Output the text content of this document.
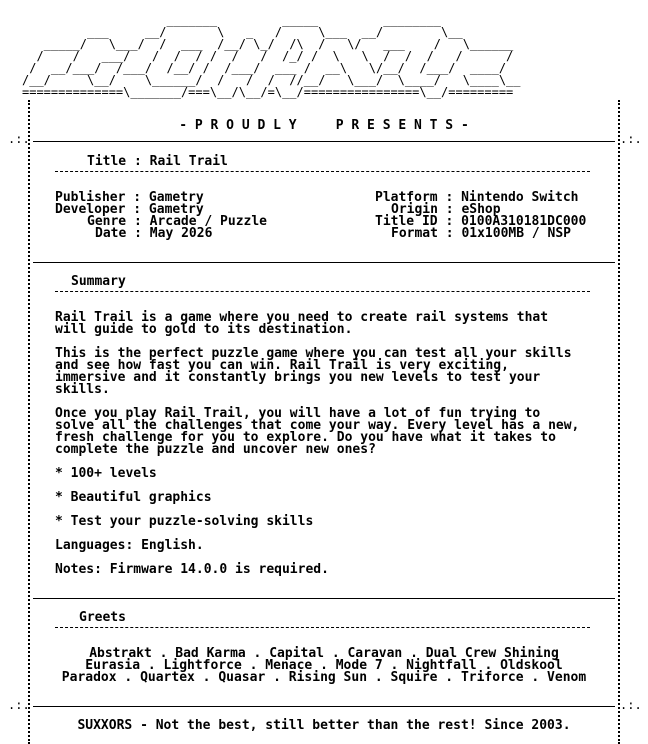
_______         _____         ________
___     __/       \   _   /     \___  __/        \__
_____/   \___/  /  ___  /__/ \_/  /\  /   \/   ___    /   \______
/    /   ___/   /  /  / /  /   /  /_/ /  \   \  /  /  /   /      /
/  __/___/  /___/  /__/ /  /___/  ___ /  __\   \/__/  /___/  ____/
/__/     \__/    \______/  /   /  /  //__/   \___/  \____/   \____\__
==============\_______/===\__/\__/=\__/================\__/=========
.:.	.:.
.:.	.:.
- P R O U D L Y     P R E S E N T S -
Title : Rail Trail
Publisher : Gametry
Developer : Gametry
Genre : Arcade / Puzzle
Date : May 2026
Platform : Nintendo Switch
Origin : eShop
Title ID : 0100A310181DC000
Format : 01x100MB / NSP
Summary
Rail Trail is a game where you need to create rail systems that
will guide to gold to its destination.
This is the perfect puzzle game where you can test all your skills
and see how fast you can win. Rail Trail is very exciting,
immersive and it constantly brings you new levels to test your
skills.
Once you play Rail Trail, you will have a lot of fun trying to
solve all the challenges that come your way. Every level has a new,
fresh challenge for you to explore. Do you have what it takes to
complete the puzzle and uncover new ones?
* 100+ levels
* Beautiful graphics
* Test your puzzle-solving skills
Languages: English.
Notes: Firmware 14.0.0 is required.
Greets
Abstrakt . Bad Karma . Capital . Caravan . Dual Crew Shining
Eurasia . Lightforce . Menace . Mode 7 . Nightfall . Oldskool
Paradox . Quartex . Quasar . Rising Sun . Squire . Triforce . Venom
SUXXORS - Not the best, still better than the rest! Since 2003.
